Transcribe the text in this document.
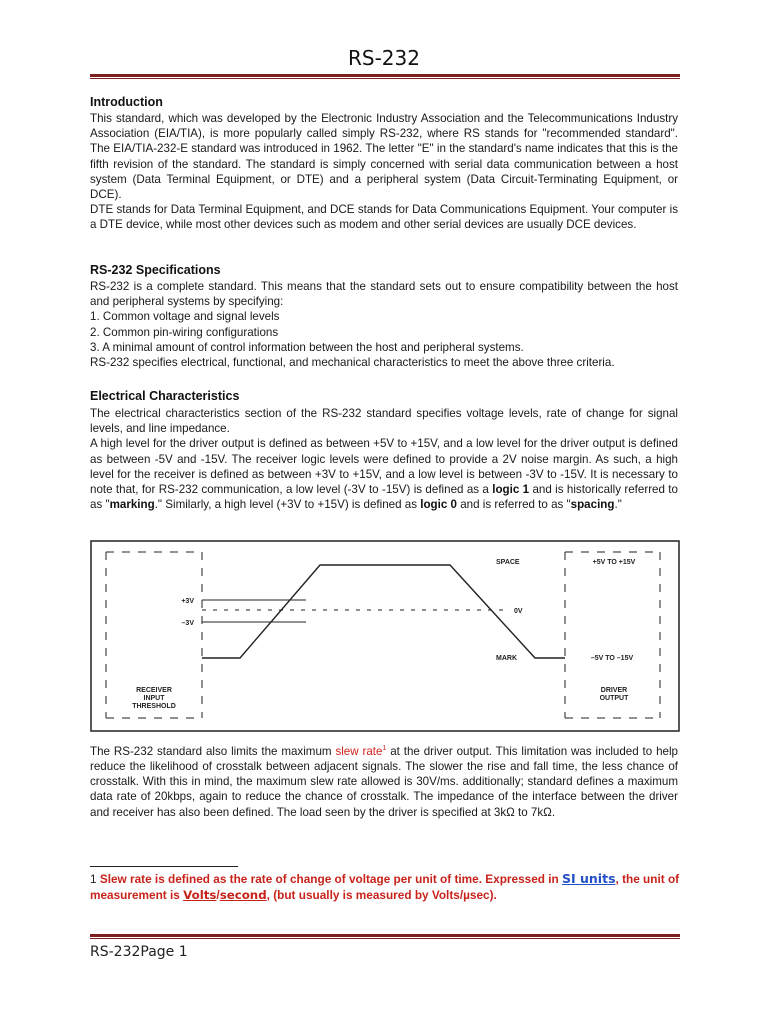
RS-232
Introduction

This standard, which was developed by the Electronic Industry Association and the Telecommunications Industry Association (EIA/TIA), is more popularly called simply RS-232, where RS stands for "recommended standard". The EIA/TIA-232-E standard was introduced in 1962. The letter "E" in the standard's name indicates that this is the fifth revision of the standard. The standard is simply concerned with serial data communication between a host system (Data Terminal Equipment, or DTE) and a peripheral system (Data Circuit-Terminating Equipment, or DCE).

DTE stands for Data Terminal Equipment, and DCE stands for Data Communications Equipment. Your computer is a DTE device, while most other devices such as modem and other serial devices are usually DCE devices.

RS-232 Specifications

RS-232 is a complete standard. This means that the standard sets out to ensure compatibility between the host and peripheral systems by specifying:

1. Common voltage and signal levels

2. Common pin-wiring configurations

3. A minimal amount of control information between the host and peripheral systems.

RS-232 specifies electrical, functional, and mechanical characteristics to meet the above three criteria.

Electrical Characteristics

The electrical characteristics section of the RS-232 standard specifies voltage levels, rate of change for signal levels, and line impedance.

A high level for the driver output is defined as between +5V to +15V, and a low level for the driver output is defined as between -5V and -15V. The receiver logic levels were defined to provide a 2V noise margin. As such, a high level for the receiver is defined as between +3V to +15V, and a low level is between -3V to -15V. It is necessary to note that, for RS-232 communication, a low level (-3V to -15V) is defined as a logic 1 and is historically referred to as "marking." Similarly, a high level (+3V to +15V) is defined as logic 0 and is referred to as "spacing."

+3V
–3V
0V
SPACE
MARK
+5V TO +15V
–5V TO –15V
RECEIVER
INPUT
THRESHOLD
DRIVER
OUTPUT

The RS-232 standard also limits the maximum slew rate$^1$ at the driver output. This limitation was included to help reduce the likelihood of crosstalk between adjacent signals. The slower the rise and fall time, the less chance of crosstalk. With this in mind, the maximum slew rate allowed is 30V/ms. additionally; standard defines a maximum data rate of 20kbps, again to reduce the chance of crosstalk. The impedance of the interface between the driver and receiver has also been defined. The load seen by the driver is specified at 3kΩ to 7kΩ.

1 Slew rate is defined as the rate of change of voltage per unit of time. Expressed in SI units, the unit of measurement is Volts/second, (but usually is measured by Volts/µsec).
RS-232Page 1
